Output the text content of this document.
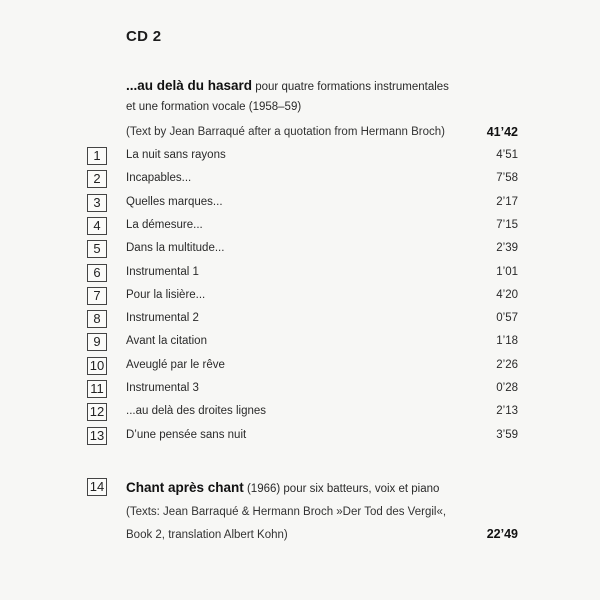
CD 2
...au delà du hasard pour quatre formations instrumentales
et une formation vocale (1958–59)
(Text by Jean Barraqué after a quotation from Hermann Broch)	41’42
1	La nuit sans rayons	4’51
2	Incapables...	7’58
3	Quelles marques...	2’17
4	La démesure...	7’15
5	Dans la multitude...	2’39
6	Instrumental 1	1’01
7	Pour la lisière...	4’20
8	Instrumental 2	0’57
9	Avant la citation	1’18
10 Aveuglé par le rêve	2’26
11 Instrumental 3	0’28
12 ...au delà des droites lignes	2’13
13 D’une pensée sans nuit	3’59
14 Chant après chant (1966) pour six batteurs, voix et piano
(Texts: Jean Barraqué & Hermann Broch »Der Tod des Vergil«,
Book 2, translation Albert Kohn)	22’49
